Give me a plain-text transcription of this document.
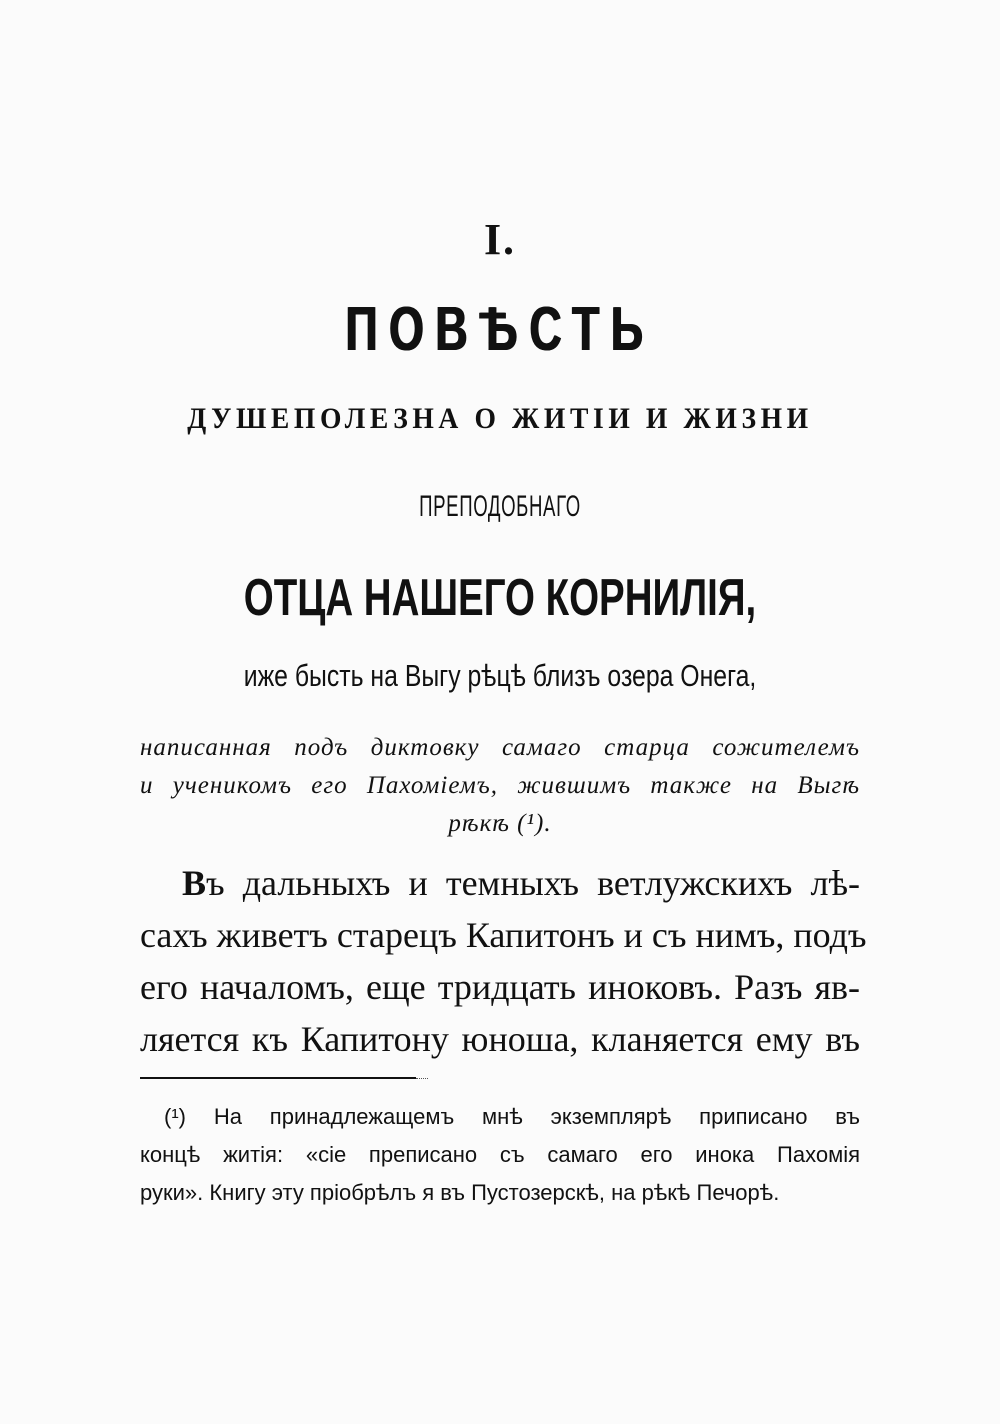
I.
ПОВѢСТЬ
ДУШЕПОЛЕЗНА О ЖИТІИ И ЖИЗНИ
ПРЕПОДОБНАГО
ОТЦА НАШЕГО КОРНИЛІЯ,
иже бысть на Выгу рѣцѣ близъ озера Онега,
написанная подъ диктовку самаго старца сожителемъ
и ученикомъ его Пахоміемъ, жившимъ также на Выгѣ
рѣкѣ (¹).
Въ дальныхъ и темныхъ ветлужскихъ лѣ-
сахъ живетъ старецъ Капитонъ и съ нимъ, подъ
его началомъ, еще тридцать иноковъ. Разъ яв-
ляется къ Капитону юноша, кланяется ему въ
(¹) На принадлежащемъ мнѣ экземплярѣ приписано въ
концѣ житія: «сіе преписано съ самаго его инока Пахомія
руки». Книгу эту пріобрѣлъ я въ Пустозерскѣ, на рѣкѣ Печорѣ.
